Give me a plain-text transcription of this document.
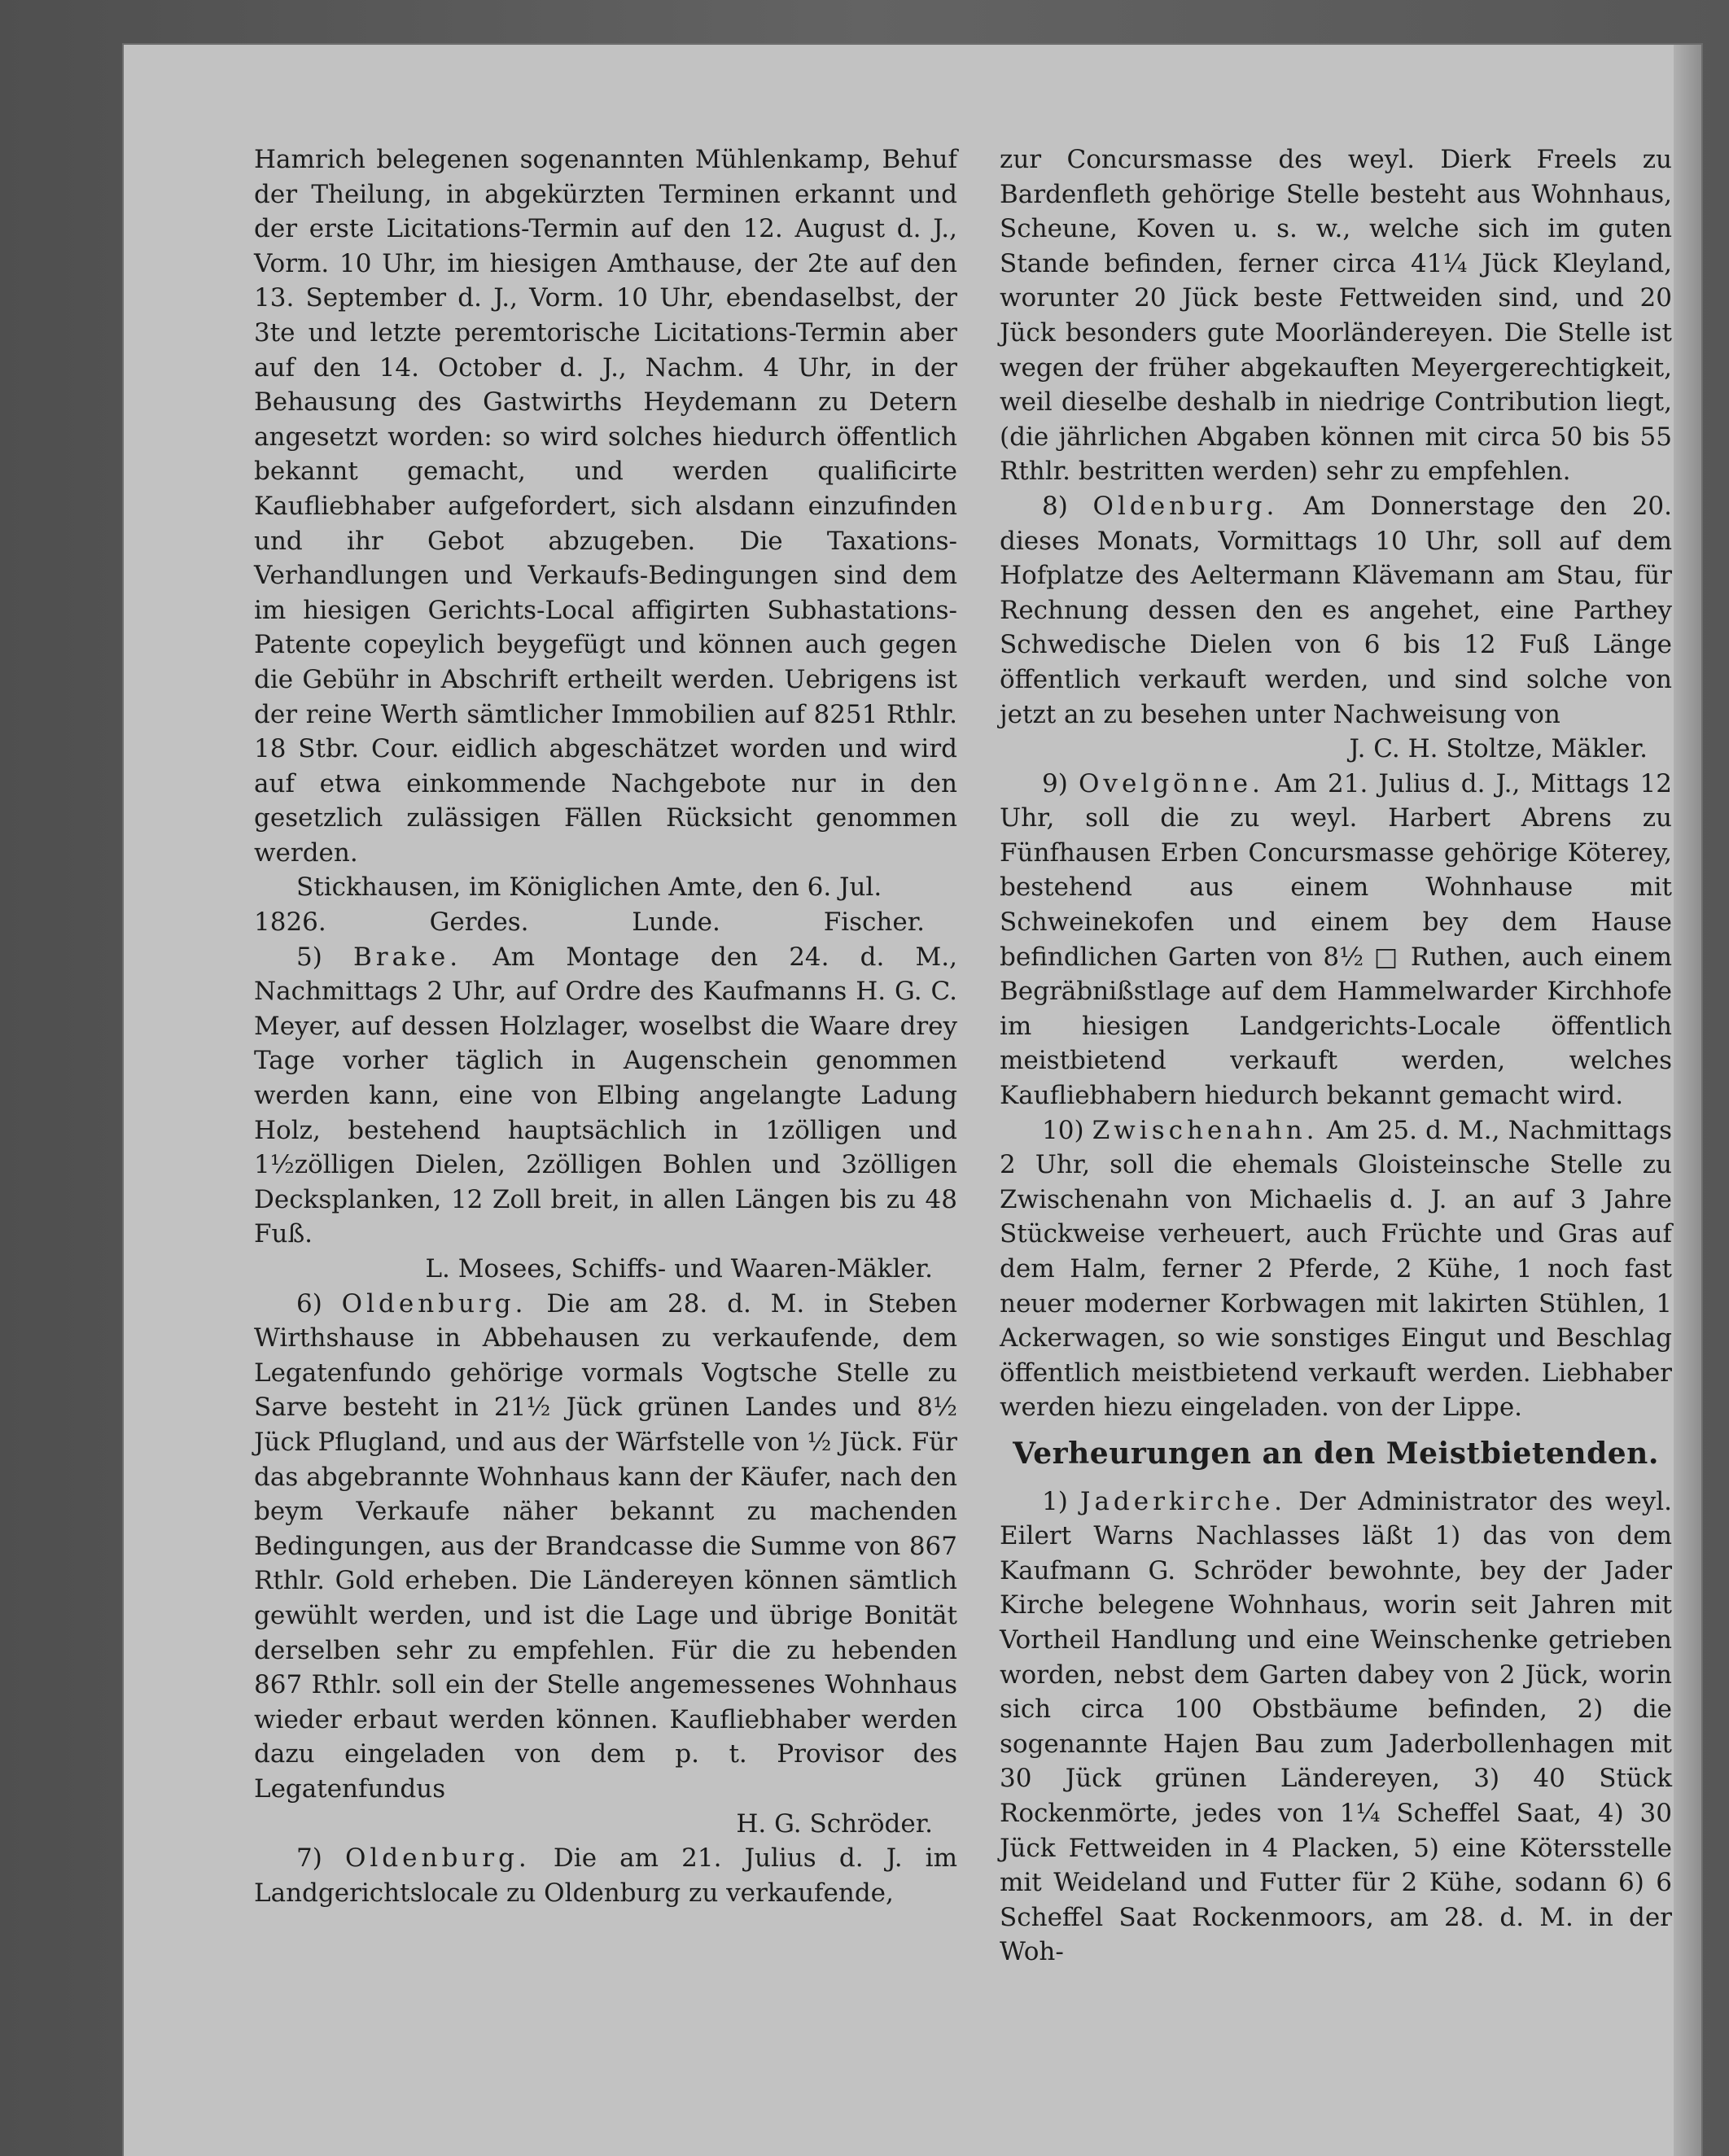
Hamrich belegenen sogenannten Mühlenkamp, Behuf der Theilung, in abgekürzten Terminen erkannt und der erste Licitations-Termin auf den 12. August d. J., Vorm. 10 Uhr, im hiesigen Amthause, der 2te auf den 13. September d. J., Vorm. 10 Uhr, ebendaselbst, der 3te und letzte peremtorische Licitations-Termin aber auf den 14. October d. J., Nachm. 4 Uhr, in der Behausung des Gastwirths Heydemann zu Detern angesetzt worden: so wird solches hiedurch öffentlich bekannt gemacht, und werden qualificirte Kaufliebhaber aufgefordert, sich alsdann einzufinden und ihr Gebot abzugeben. Die Taxations-Verhandlungen und Verkaufs-Bedingungen sind dem im hiesigen Gerichts-Local affigirten Subhastations-Patente copeylich beygefügt und können auch gegen die Gebühr in Abschrift ertheilt werden. Uebrigens ist der reine Werth sämtlicher Immobilien auf 8251 Rthlr. 18 Stbr. Cour. eidlich abgeschätzet worden und wird auf etwa einkommende Nachgebote nur in den gesetzlich zulässigen Fällen Rücksicht genommen werden.

Stickhausen, im Königlichen Amte, den 6. Jul.

1826.	Gerdes.	Lunde.	Fischer.

5) Brake. Am Montage den 24. d. M., Nachmittags 2 Uhr, auf Ordre des Kaufmanns H. G. C. Meyer, auf dessen Holzlager, woselbst die Waare drey Tage vorher täglich in Augenschein genommen werden kann, eine von Elbing angelangte Ladung Holz, bestehend hauptsächlich in 1zölligen und 1½zölligen Dielen, 2zölligen Bohlen und 3zölligen Decksplanken, 12 Zoll breit, in allen Längen bis zu 48 Fuß.

L. Mosees, Schiffs- und Waaren-Mäkler.

6) Oldenburg. Die am 28. d. M. in Steben Wirthshause in Abbehausen zu verkaufende, dem Legatenfundo gehörige vormals Vogtsche Stelle zu Sarve besteht in 21½ Jück grünen Landes und 8½ Jück Pflugland, und aus der Wärfstelle von ½ Jück. Für das abgebrannte Wohnhaus kann der Käufer, nach den beym Verkaufe näher bekannt zu machenden Bedingungen, aus der Brandcasse die Summe von 867 Rthlr. Gold erheben. Die Ländereyen können sämtlich gewühlt werden, und ist die Lage und übrige Bonität derselben sehr zu empfehlen. Für die zu hebenden 867 Rthlr. soll ein der Stelle angemessenes Wohnhaus wieder erbaut werden können. Kaufliebhaber werden dazu eingeladen von dem p. t. Provisor des Legatenfundus

H. G. Schröder.

7) Oldenburg. Die am 21. Julius d. J. im Landgerichtslocale zu Oldenburg zu verkaufende,

zur Concursmasse des weyl. Dierk Freels zu Bardenfleth gehörige Stelle besteht aus Wohnhaus, Scheune, Koven u. s. w., welche sich im guten Stande befinden, ferner circa 41¼ Jück Kleyland, worunter 20 Jück beste Fettweiden sind, und 20 Jück besonders gute Moorländereyen. Die Stelle ist wegen der früher abgekauften Meyergerechtigkeit, weil dieselbe deshalb in niedrige Contribution liegt, (die jährlichen Abgaben können mit circa 50 bis 55 Rthlr. bestritten werden) sehr zu empfehlen.

8) Oldenburg. Am Donnerstage den 20. dieses Monats, Vormittags 10 Uhr, soll auf dem Hofplatze des Aeltermann Klävemann am Stau, für Rechnung dessen den es angehet, eine Parthey Schwedische Dielen von 6 bis 12 Fuß Länge öffentlich verkauft werden, und sind solche von jetzt an zu besehen unter Nachweisung von

J. C. H. Stoltze, Mäkler.

9) Ovelgönne. Am 21. Julius d. J., Mittags 12 Uhr, soll die zu weyl. Harbert Abrens zu Fünfhausen Erben Concursmasse gehörige Köterey, bestehend aus einem Wohnhause mit Schweinekofen und einem bey dem Hause befindlichen Garten von 8½ □ Ruthen, auch einem Begräbnißstlage auf dem Hammelwarder Kirchhofe im hiesigen Landgerichts-Locale öffentlich meistbietend verkauft werden, welches Kaufliebhabern hiedurch bekannt gemacht wird.

10) Zwischenahn. Am 25. d. M., Nachmittags 2 Uhr, soll die ehemals Gloisteinsche Stelle zu Zwischenahn von Michaelis d. J. an auf 3 Jahre Stückweise verheuert, auch Früchte und Gras auf dem Halm, ferner 2 Pferde, 2 Kühe, 1 noch fast neuer moderner Korbwagen mit lakirten Stühlen, 1 Ackerwagen, so wie sonstiges Eingut und Beschlag öffentlich meistbietend verkauft werden. Liebhaber werden hiezu eingeladen. von der Lippe.

Verheurungen an den Meistbietenden.

1) Jaderkirche. Der Administrator des weyl. Eilert Warns Nachlasses läßt 1) das von dem Kaufmann G. Schröder bewohnte, bey der Jader Kirche belegene Wohnhaus, worin seit Jahren mit Vortheil Handlung und eine Weinschenke getrieben worden, nebst dem Garten dabey von 2 Jück, worin sich circa 100 Obstbäume befinden, 2) die sogenannte Hajen Bau zum Jaderbollenhagen mit 30 Jück grünen Ländereyen, 3) 40 Stück Rockenmörte, jedes von 1¼ Scheffel Saat, 4) 30 Jück Fettweiden in 4 Placken, 5) eine Kötersstelle mit Weideland und Futter für 2 Kühe, sodann 6) 6 Scheffel Saat Rockenmoors, am 28. d. M. in der Woh-
